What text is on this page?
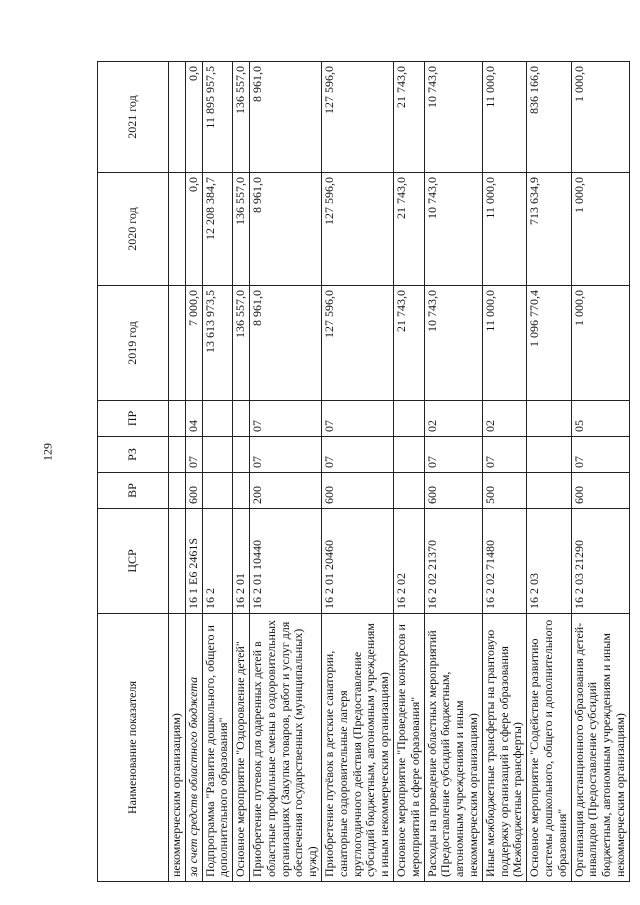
129
Наименование показателя	ЦСР	ВР	РЗ	ПР	2019 год	2020 год	2021 год
некоммерческим организациям)							
за счет средств областного бюджета	16 1 Е6 2461S	600	07	04	7 000,0	0,0	0,0
Подпрограмма "Развитие дошкольного, общего и дополнительного образования"	16 2				13 613 973,5	12 208 384,7	11 895 957,5
Основное мероприятие "Оздоровление детей"	16 2 01				136 557,0	136 557,0	136 557,0
Приобретение путевок для одаренных детей в областные профильные смены в оздоровительных организациях (Закупка товаров, работ и услуг для обеспечения государственных (муниципальных) нужд)	16 2 01 10440	200	07	07	8 961,0	8 961,0	8 961,0
Приобретение путёвок в детские санатории, санаторные оздоровительные лагеря круглогодичного действия (Предоставление субсидий бюджетным, автономным учреждениям и иным некоммерческим организациям)	16 2 01 20460	600	07	07	127 596,0	127 596,0	127 596,0
Основное мероприятие "Проведение конкурсов и мероприятий в сфере образования"	16 2 02				21 743,0	21 743,0	21 743,0
Расходы на проведение областных мероприятий (Предоставление субсидий бюджетным, автономным учреждениям и иным некоммерческим организациям)	16 2 02 21370	600	07	02	10 743,0	10 743,0	10 743,0
Иные межбюджетные трансферты на грантовую поддержку организаций в сфере образования (Межбюджетные трансферты)	16 2 02 71480	500	07	02	11 000,0	11 000,0	11 000,0
Основное мероприятие "Содействие развитию системы дошкольного, общего и дополнительного образования"	16 2 03				1 096 770,4	713 634,9	836 166,0
Организация дистанционного образования детей-инвалидов (Предоставление субсидий бюджетным, автономным учреждениям и иным некоммерческим организациям)	16 2 03 21290	600	07	05	1 000,0	1 000,0	1 000,0
